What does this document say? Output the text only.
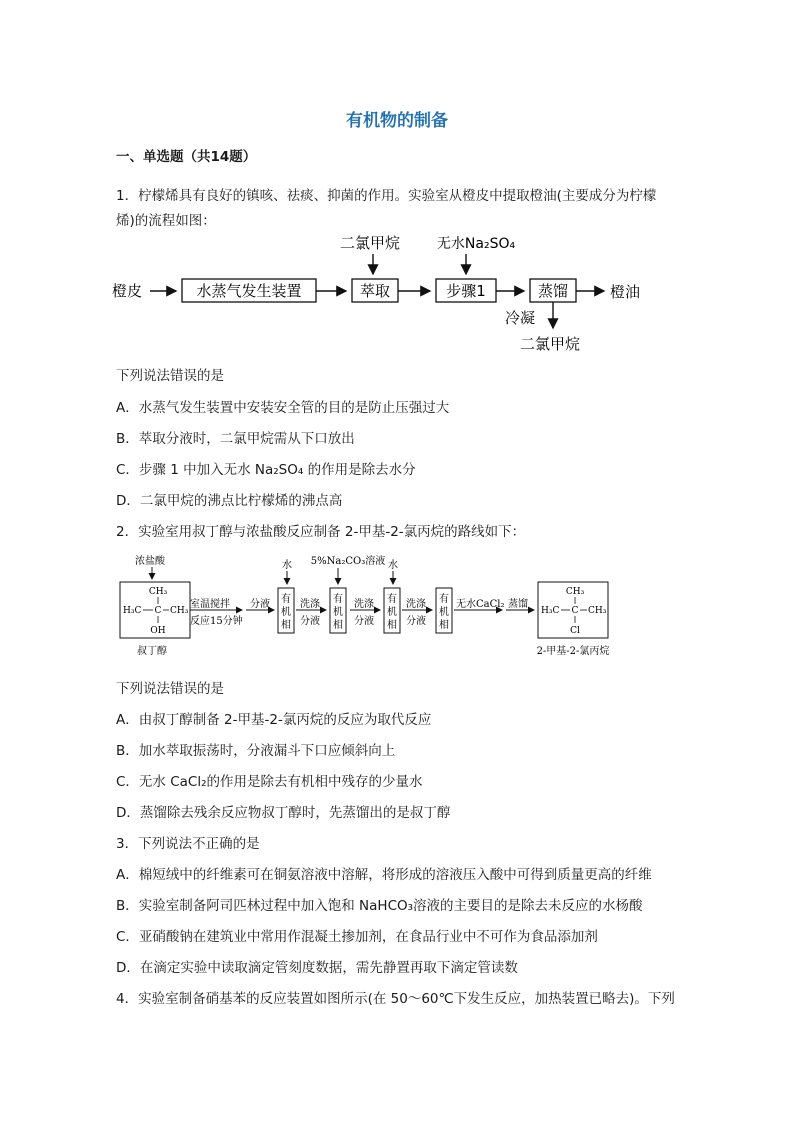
有机物的制备
一、单选题（共14题）
1．柠檬烯具有良好的镇咳、祛痰、抑菌的作用。实验室从橙皮中提取橙油(主要成分为柠檬
烯)的流程如图：
橙皮	水蒸气发生装置	萃取
二氯甲烷
步骤1
无水Na₂SO₄
蒸馏	橙油
冷凝
二氯甲烷
下列说法错误的是
A．水蒸气发生装置中安装安全管的目的是防止压强过大
B．萃取分液时，二氯甲烷需从下口放出
C．步骤 1 中加入无水 Na₂SO₄ 的作用是除去水分
D．二氯甲烷的沸点比柠檬烯的沸点高
2．实验室用叔丁醇与浓盐酸反应制备 2-甲基-2-氯丙烷的路线如下：
浓盐酸
CH₃
H₃C C CH₃
OH
叔丁醇
室温搅拌
反应15分钟
分液 有
机
相
水
洗涤
分液
有
机
相
5%Na₂CO₃溶液
洗涤
分液
有
机
相
水
洗涤
分液
有
机
相
无水CaCl₂ 蒸馏
CH₃
H₃C C CH₃
Cl
2-甲基-2-氯丙烷
下列说法错误的是
A．由叔丁醇制备 2-甲基-2-氯丙烷的反应为取代反应
B．加水萃取振荡时，分液漏斗下口应倾斜向上
C．无水 CaCl₂的作用是除去有机相中残存的少量水
D．蒸馏除去残余反应物叔丁醇时，先蒸馏出的是叔丁醇
3．下列说法不正确的是
A．棉短绒中的纤维素可在铜氨溶液中溶解，将形成的溶液压入酸中可得到质量更高的纤维
B．实验室制备阿司匹林过程中加入饱和 NaHCO₃溶液的主要目的是除去未反应的水杨酸
C．亚硝酸钠在建筑业中常用作混凝土掺加剂，在食品行业中不可作为食品添加剂
D．在滴定实验中读取滴定管刻度数据，需先静置再取下滴定管读数
4．实验室制备硝基苯的反应装置如图所示(在 50～60℃下发生反应，加热装置已略去)。下列
